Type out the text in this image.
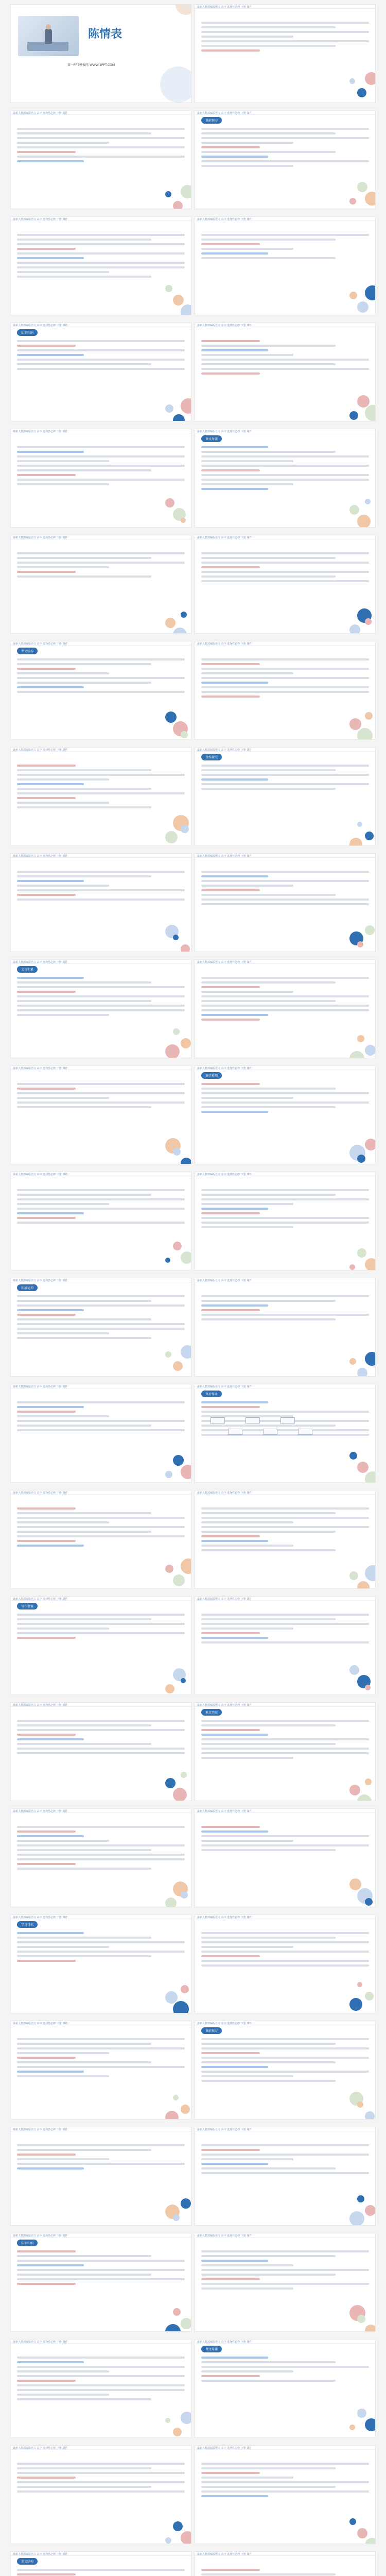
陈情表
第一PPT模板网-WWW.1PPT.COM
最新人教部编版语文 高中 选择性必修 下册 课件
最新人教部编版语文 高中 选择性必修 下册 课件	最新人教部编版语文 高中 选择性必修 下册 课件
课前预习
最新人教部编版语文 高中 选择性必修 下册 课件	最新人教部编版语文 高中 选择性必修 下册 课件
最新人教部编版语文 高中 选择性必修 下册 课件
知识归纳
最新人教部编版语文 高中 选择性必修 下册 课件
最新人教部编版语文 高中 选择性必修 下册 课件	最新人教部编版语文 高中 选择性必修 下册 课件
课文导读
最新人教部编版语文 高中 选择性必修 下册 课件	最新人教部编版语文 高中 选择性必修 下册 课件
最新人教部编版语文 高中 选择性必修 下册 课件
课文结构
最新人教部编版语文 高中 选择性必修 下册 课件
最新人教部编版语文 高中 选择性必修 下册 课件	最新人教部编版语文 高中 选择性必修 下册 课件
合作探究
最新人教部编版语文 高中 选择性必修 下册 课件	最新人教部编版语文 高中 选择性必修 下册 课件
最新人教部编版语文 高中 选择性必修 下册 课件
文言积累
最新人教部编版语文 高中 选择性必修 下册 课件
最新人教部编版语文 高中 选择性必修 下册 课件	最新人教部编版语文 高中 选择性必修 下册 课件
课堂检测
最新人教部编版语文 高中 选择性必修 下册 课件	最新人教部编版语文 高中 选择性必修 下册 课件
最新人教部编版语文 高中 选择性必修 下册 课件
拓展延伸
最新人教部编版语文 高中 选择性必修 下册 课件
最新人教部编版语文 高中 选择性必修 下册 课件	最新人教部编版语文 高中 选择性必修 下册 课件
课后作业
最新人教部编版语文 高中 选择性必修 下册 课件	最新人教部编版语文 高中 选择性必修 下册 课件
最新人教部编版语文 高中 选择性必修 下册 课件
写作借鉴
最新人教部编版语文 高中 选择性必修 下册 课件
最新人教部编版语文 高中 选择性必修 下册 课件	最新人教部编版语文 高中 选择性必修 下册 课件
难点突破
最新人教部编版语文 高中 选择性必修 下册 课件	最新人教部编版语文 高中 选择性必修 下册 课件
最新人教部编版语文 高中 选择性必修 下册 课件
学习目标
最新人教部编版语文 高中 选择性必修 下册 课件
最新人教部编版语文 高中 选择性必修 下册 课件	最新人教部编版语文 高中 选择性必修 下册 课件
课前预习
最新人教部编版语文 高中 选择性必修 下册 课件	最新人教部编版语文 高中 选择性必修 下册 课件
最新人教部编版语文 高中 选择性必修 下册 课件
知识归纳
最新人教部编版语文 高中 选择性必修 下册 课件
最新人教部编版语文 高中 选择性必修 下册 课件	最新人教部编版语文 高中 选择性必修 下册 课件
课文导读
最新人教部编版语文 高中 选择性必修 下册 课件	最新人教部编版语文 高中 选择性必修 下册 课件
最新人教部编版语文 高中 选择性必修 下册 课件
课文结构
最新人教部编版语文 高中 选择性必修 下册 课件
